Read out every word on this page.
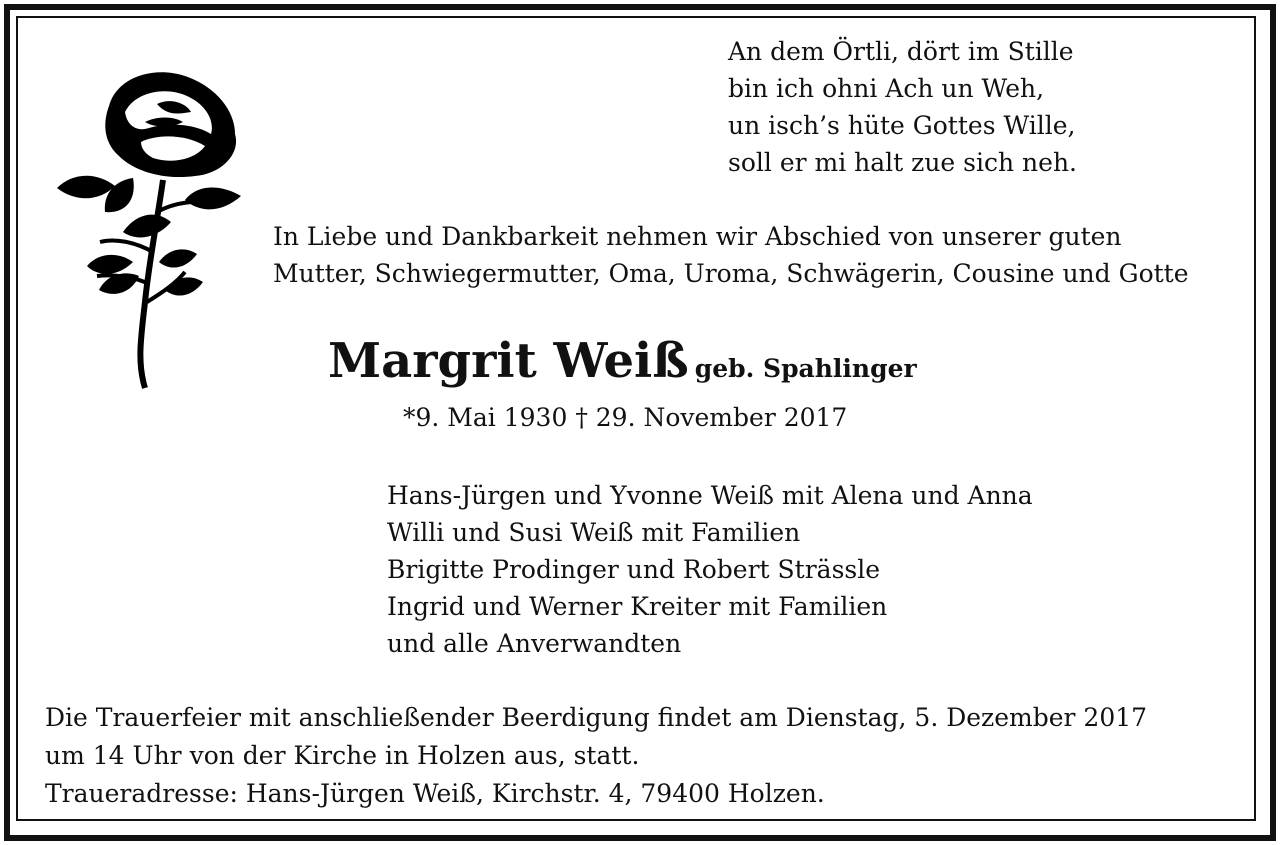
An dem Örtli, dört im Stille
bin ich ohni Ach un Weh,
un isch’s hüte Gottes Wille,
soll er mi halt zue sich neh.
In Liebe und Dankbarkeit nehmen wir Abschied von unserer guten
Mutter, Schwiegermutter, Oma, Uroma, Schwägerin, Cousine und Gotte
Margrit Weiß geb. Spahlinger
*9. Mai 1930 † 29. November 2017
Hans-Jürgen und Yvonne Weiß mit Alena und Anna
Willi und Susi Weiß mit Familien
Brigitte Prodinger und Robert Strässle
Ingrid und Werner Kreiter mit Familien
und alle Anverwandten
Die Trauerfeier mit anschließender Beerdigung findet am Dienstag, 5. Dezember 2017
um 14 Uhr von der Kirche in Holzen aus, statt.
Traueradresse: Hans-Jürgen Weiß, Kirchstr. 4, 79400 Holzen.
